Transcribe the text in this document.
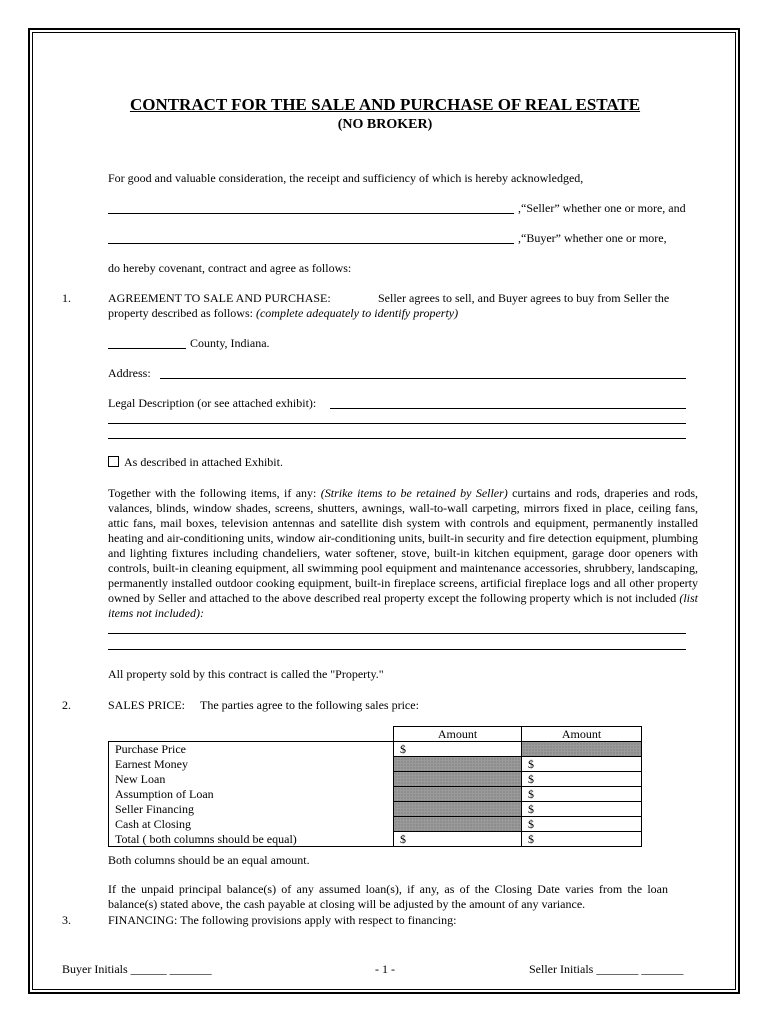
CONTRACT FOR THE SALE AND PURCHASE OF REAL ESTATE
(NO BROKER)
For good and valuable consideration, the receipt and sufficiency of which is hereby acknowledged,
,“Seller” whether one or more, and
,“Buyer” whether one or more,
do hereby covenant, contract and agree as follows:
1.	AGREEMENT TO SALE AND PURCHASE:	Seller agrees to sell, and Buyer agrees to buy from Seller the
property described as follows: (complete adequately to identify property)
County, Indiana.
Address:
Legal Description (or see attached exhibit):
As described in attached Exhibit.
Together with the following items, if any: (Strike items to be retained by Seller) curtains and rods, draperies and rods, valances, blinds, window shades, screens, shutters, awnings, wall-to-wall carpeting, mirrors fixed in place, ceiling fans, attic fans, mail boxes, television antennas and satellite dish system with controls and equipment, permanently installed heating and air-conditioning units, window air-conditioning units, built-in security and fire detection equipment, plumbing and lighting fixtures including chandeliers, water softener, stove, built-in kitchen equipment, garage door openers with controls, built-in cleaning equipment, all swimming pool equipment and maintenance accessories, shrubbery, landscaping, permanently installed outdoor cooking equipment, built-in fireplace screens, artificial fireplace logs and all other property owned by Seller and attached to the above described real property except the following property which is not included (list items not included):
All property sold by this contract is called the "Property."
2.	SALES PRICE: The parties agree to the following sales price:
	Amount	Amount
Purchase Price	$	
Earnest Money		$
New Loan		$
Assumption of Loan		$
Seller Financing		$
Cash at Closing		$
Total ( both columns should be equal)	$	$
Both columns should be an equal amount.
If the unpaid principal balance(s) of any assumed loan(s), if any, as of the Closing Date varies from the loan balance(s) stated above, the cash payable at closing will be adjusted by the amount of any variance.
3.	FINANCING: The following provisions apply with respect to financing:
Buyer Initials ______ _______	- 1 -	Seller Initials _______ _______
